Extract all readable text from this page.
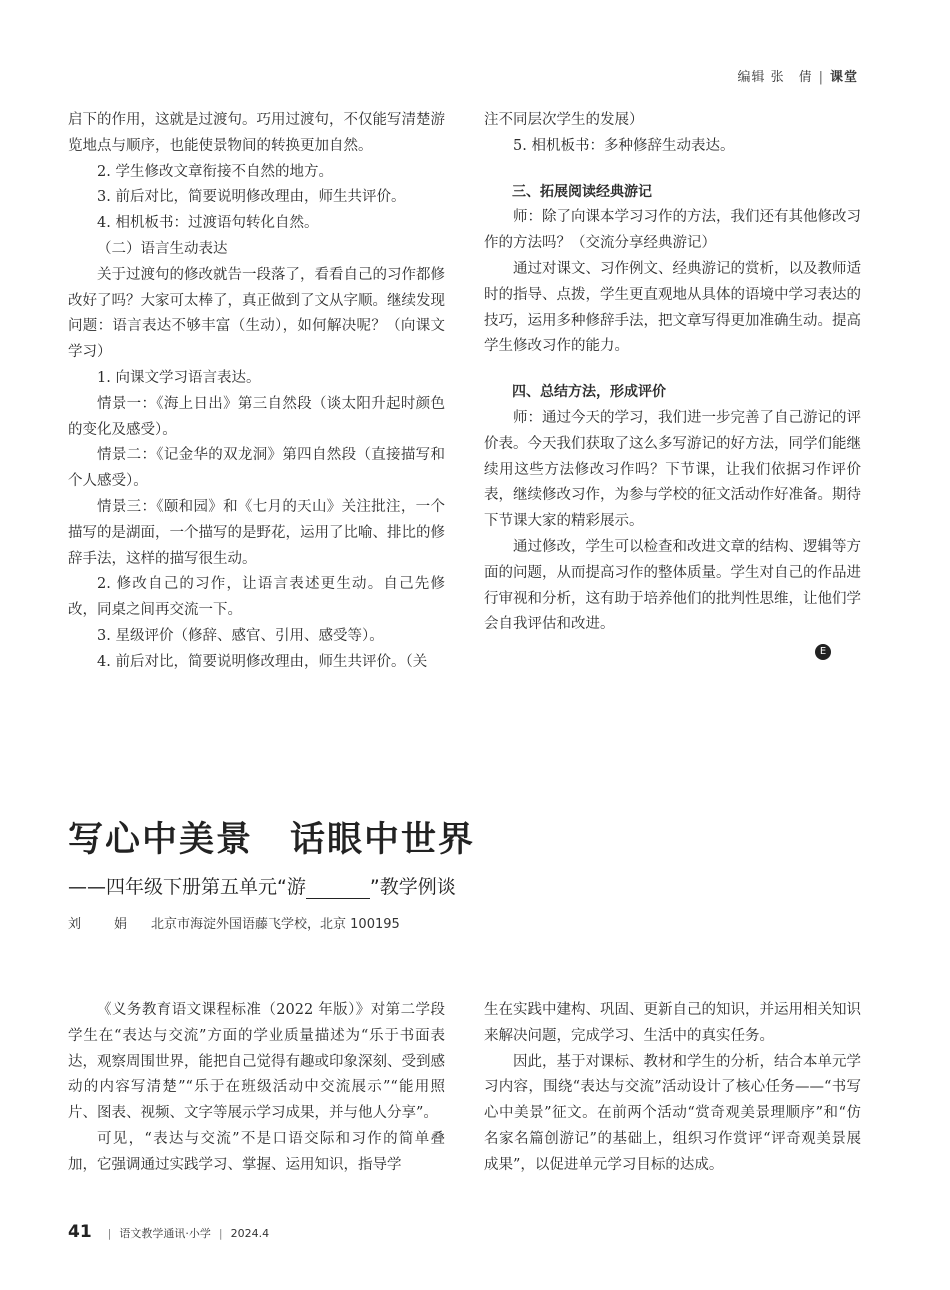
编辑 张　倩 | 课堂

启下的作用，这就是过渡句。巧用过渡句，不仅能写清楚游览地点与顺序，也能使景物间的转换更加自然。

2. 学生修改文章衔接不自然的地方。

3. 前后对比，简要说明修改理由，师生共评价。

4. 相机板书：过渡语句转化自然。

（二）语言生动表达

关于过渡句的修改就告一段落了，看看自己的习作都修改好了吗？大家可太棒了，真正做到了文从字顺。继续发现问题：语言表达不够丰富（生动），如何解决呢？（向课文学习）

1. 向课文学习语言表达。

情景一：《海上日出》第三自然段（谈太阳升起时颜色的变化及感受）。

情景二：《记金华的双龙洞》第四自然段（直接描写和个人感受）。

情景三：《颐和园》和《七月的天山》关注批注，一个描写的是湖面，一个描写的是野花，运用了比喻、排比的修辞手法，这样的描写很生动。

2. 修改自己的习作，让语言表述更生动。自己先修改，同桌之间再交流一下。

3. 星级评价（修辞、感官、引用、感受等）。

4. 前后对比，简要说明修改理由，师生共评价。（关

注不同层次学生的发展）

5. 相机板书：多种修辞生动表达。

三、拓展阅读经典游记

师：除了向课本学习习作的方法，我们还有其他修改习作的方法吗？（交流分享经典游记）

通过对课文、习作例文、经典游记的赏析，以及教师适时的指导、点拨，学生更直观地从具体的语境中学习表达的技巧，运用多种修辞手法，把文章写得更加准确生动。提高学生修改习作的能力。

四、总结方法，形成评价

师：通过今天的学习，我们进一步完善了自己游记的评价表。今天我们获取了这么多写游记的好方法，同学们能继续用这些方法修改习作吗？下节课，让我们依据习作评价表，继续修改习作，为参与学校的征文活动作好准备。期待下节课大家的精彩展示。

通过修改，学生可以检查和改进文章的结构、逻辑等方面的问题，从而提高习作的整体质量。学生对自己的作品进行审视和分析，这有助于培养他们的批判性思维，让他们学会自我评估和改进。

E
写心中美景　话眼中世界
——四年级下册第五单元“游	”教学例谈
刘　娟 北京市海淀外国语藤飞学校，北京 100195

《义务教育语文课程标准（2022 年版）》对第二学段学生在“表达与交流”方面的学业质量描述为“乐于书面表达，观察周围世界，能把自己觉得有趣或印象深刻、受到感动的内容写清楚”“乐于在班级活动中交流展示”“能用照片、图表、视频、文字等展示学习成果，并与他人分享”。

可见，“表达与交流”不是口语交际和习作的简单叠加，它强调通过实践学习、掌握、运用知识，指导学

生在实践中建构、巩固、更新自己的知识，并运用相关知识来解决问题，完成学习、生活中的真实任务。

因此，基于对课标、教材和学生的分析，结合本单元学习内容，围绕“表达与交流”活动设计了核心任务——“书写心中美景”征文。在前两个活动“赏奇观美景理顺序”和“仿名家名篇创游记”的基础上，组织习作赏评“评奇观美景展成果”，以促进单元学习目标的达成。

41 | 语文教学通讯·小学 | 2024.4
